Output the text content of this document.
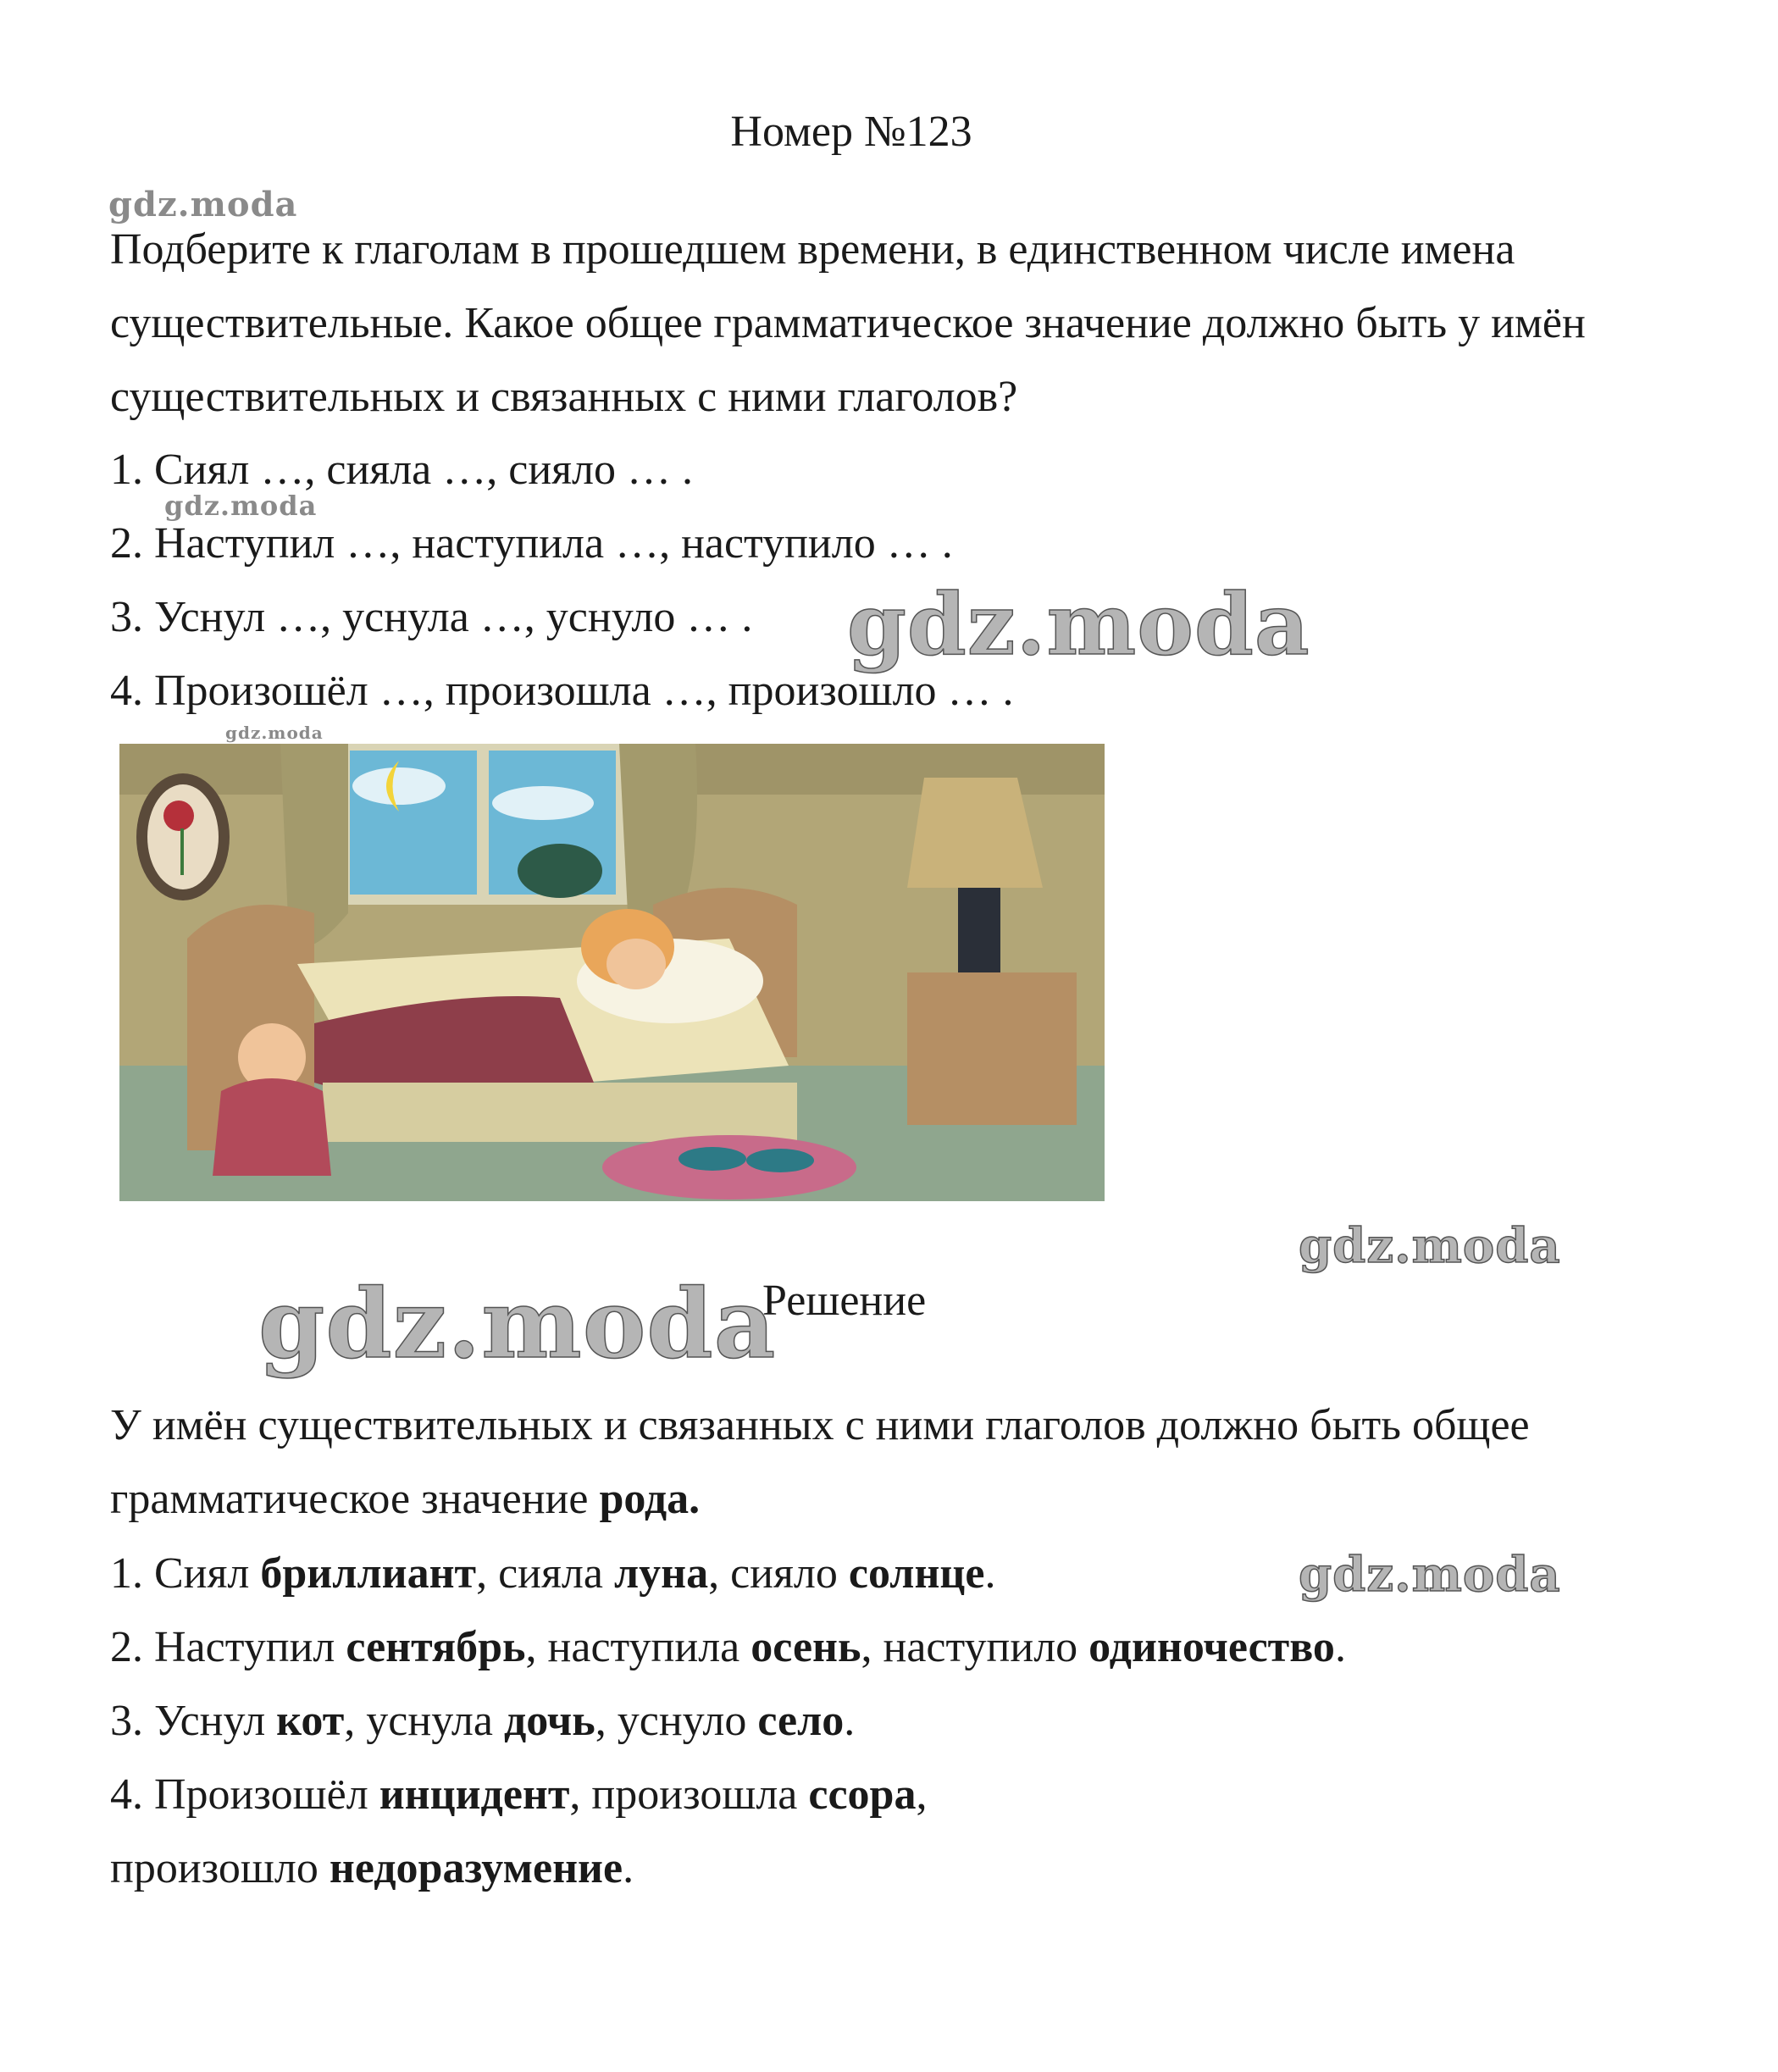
Номер №123
gdz.moda
Подберите к глаголам в прошедшем времени, в единственном числе имена существительные. Какое общее грамматическое значение должно быть у имён существительных и связанных с ними глаголов?
1. Сиял …, сияла …, сияло … .
gdz.moda
2. Наступил …, наступила …, наступило … .
3. Уснул …, уснула …, уснуло … . gdz.moda
4. Произошёл …, произошла …, произошло … .
gdz.moda
gdz.moda
gdz.moda
Решение
У имён существительных и связанных с ними глаголов должно быть общее грамматическое значение рода.
1. Сиял бриллиант, сияла луна, сияло солнце.	gdz.moda
2. Наступил сентябрь, наступила осень, наступило одиночество.
3. Уснул кот, уснула дочь, уснуло село.
4. Произошёл инцидент, произошла ссора,
произошло недоразумение.
